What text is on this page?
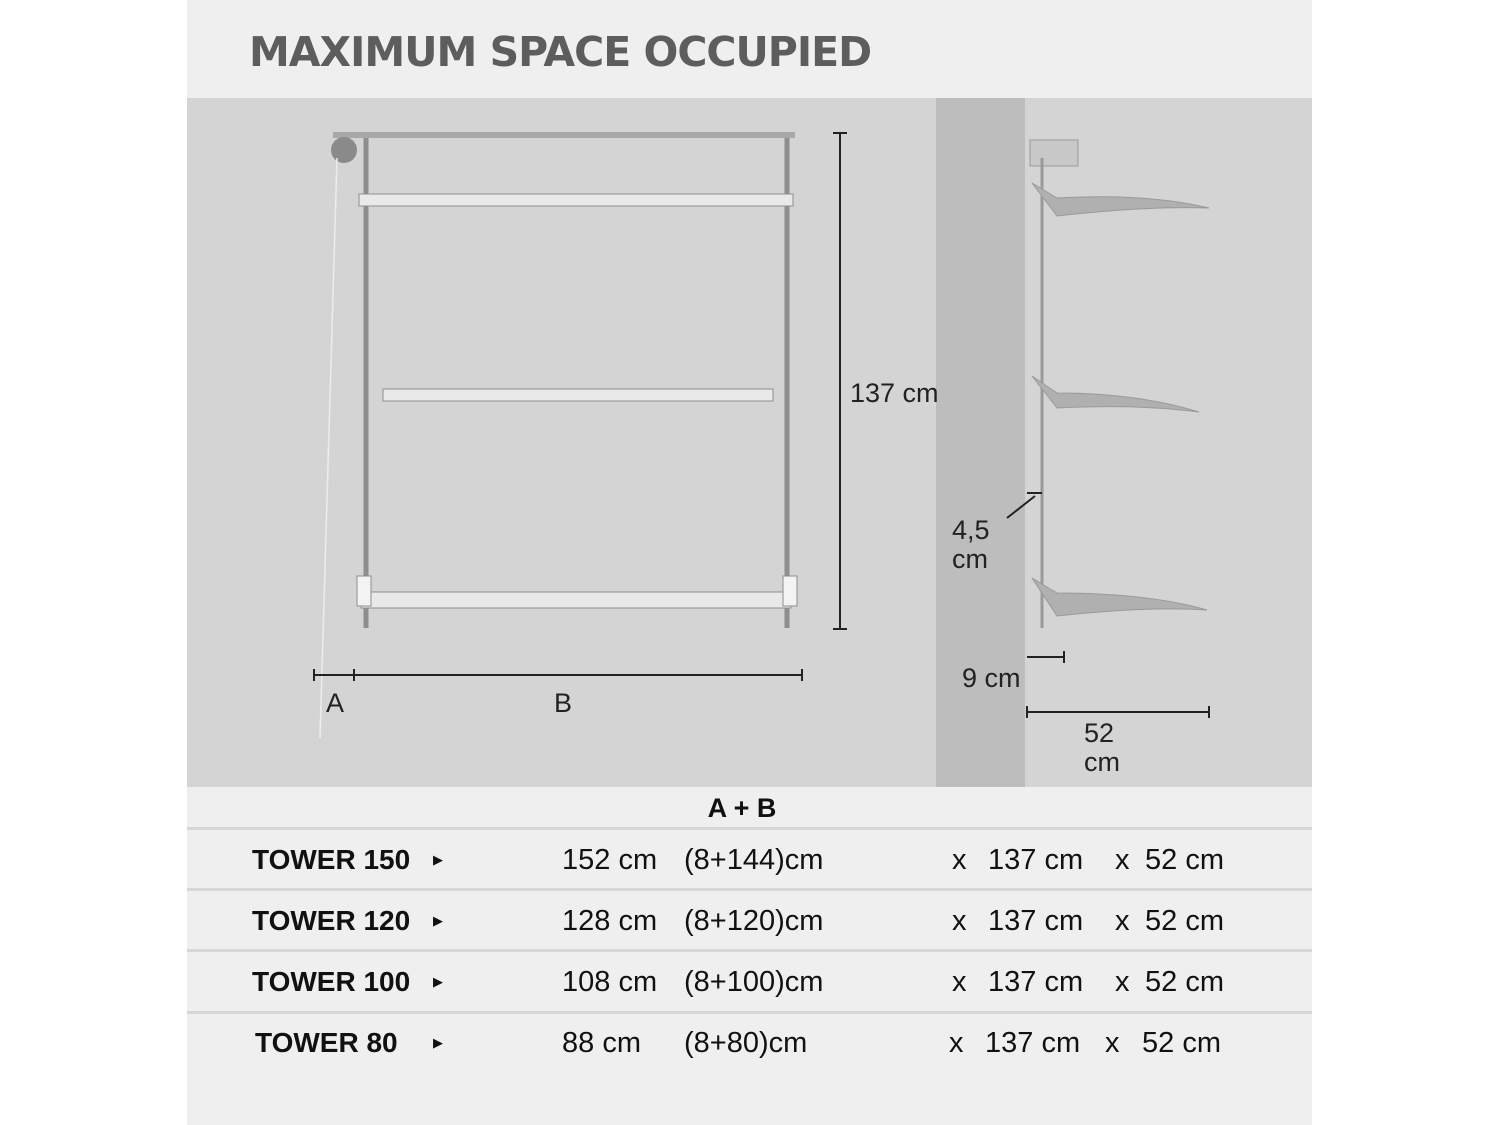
MAXIMUM SPACE OCCUPIED
137 cm
A	B
4,5
cm
9 cm
52
cm
A + B
TOWER 150 ▶	152 cm (8+144)cm	x 137 cm x 52 cm
TOWER 120 ▶	128 cm (8+120)cm	x 137 cm x 52 cm
TOWER 100 ▶	108 cm (8+100)cm	x 137 cm x 52 cm
TOWER 80	▶	88 cm (8+80)cm	x 137 cm x 52 cm
